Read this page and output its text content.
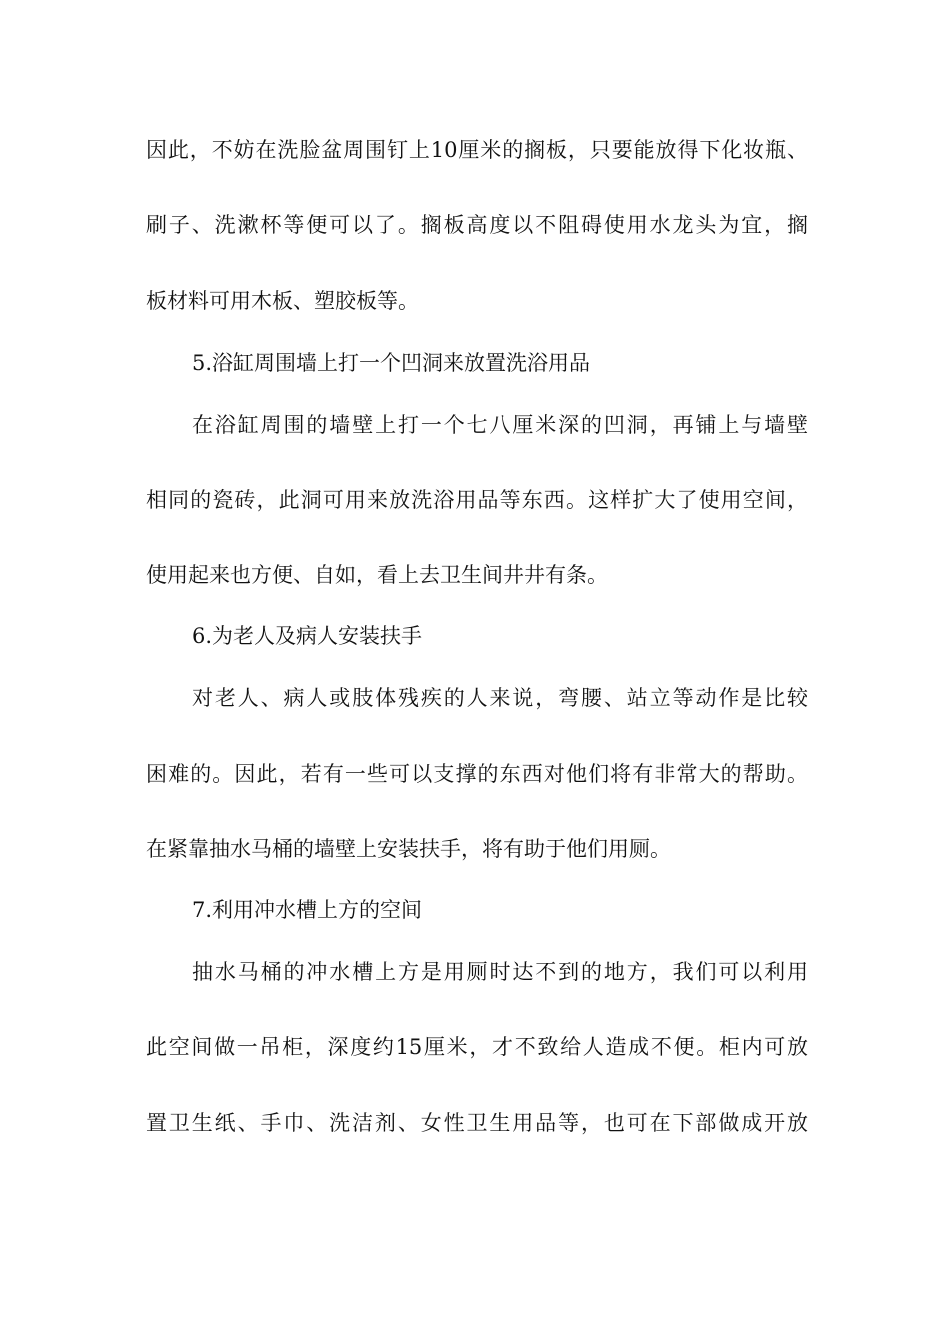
因此，不妨在洗脸盆周围钉上10厘米的搁板，只要能放得下化妆瓶、
刷子、洗漱杯等便可以了。搁板高度以不阻碍使用水龙头为宜，搁
板材料可用木板、塑胶板等。
5.浴缸周围墙上打一个凹洞来放置洗浴用品
在浴缸周围的墙壁上打一个七八厘米深的凹洞，再铺上与墙壁
相同的瓷砖，此洞可用来放洗浴用品等东西。这样扩大了使用空间，
使用起来也方便、自如，看上去卫生间井井有条。
6.为老人及病人安装扶手
对老人、病人或肢体残疾的人来说，弯腰、站立等动作是比较
困难的。因此，若有一些可以支撑的东西对他们将有非常大的帮助。
在紧靠抽水马桶的墙壁上安装扶手，将有助于他们用厕。
7.利用冲水槽上方的空间
抽水马桶的冲水槽上方是用厕时达不到的地方，我们可以利用
此空间做一吊柜，深度约15厘米，才不致给人造成不便。柜内可放
置卫生纸、手巾、洗洁剂、女性卫生用品等，也可在下部做成开放
